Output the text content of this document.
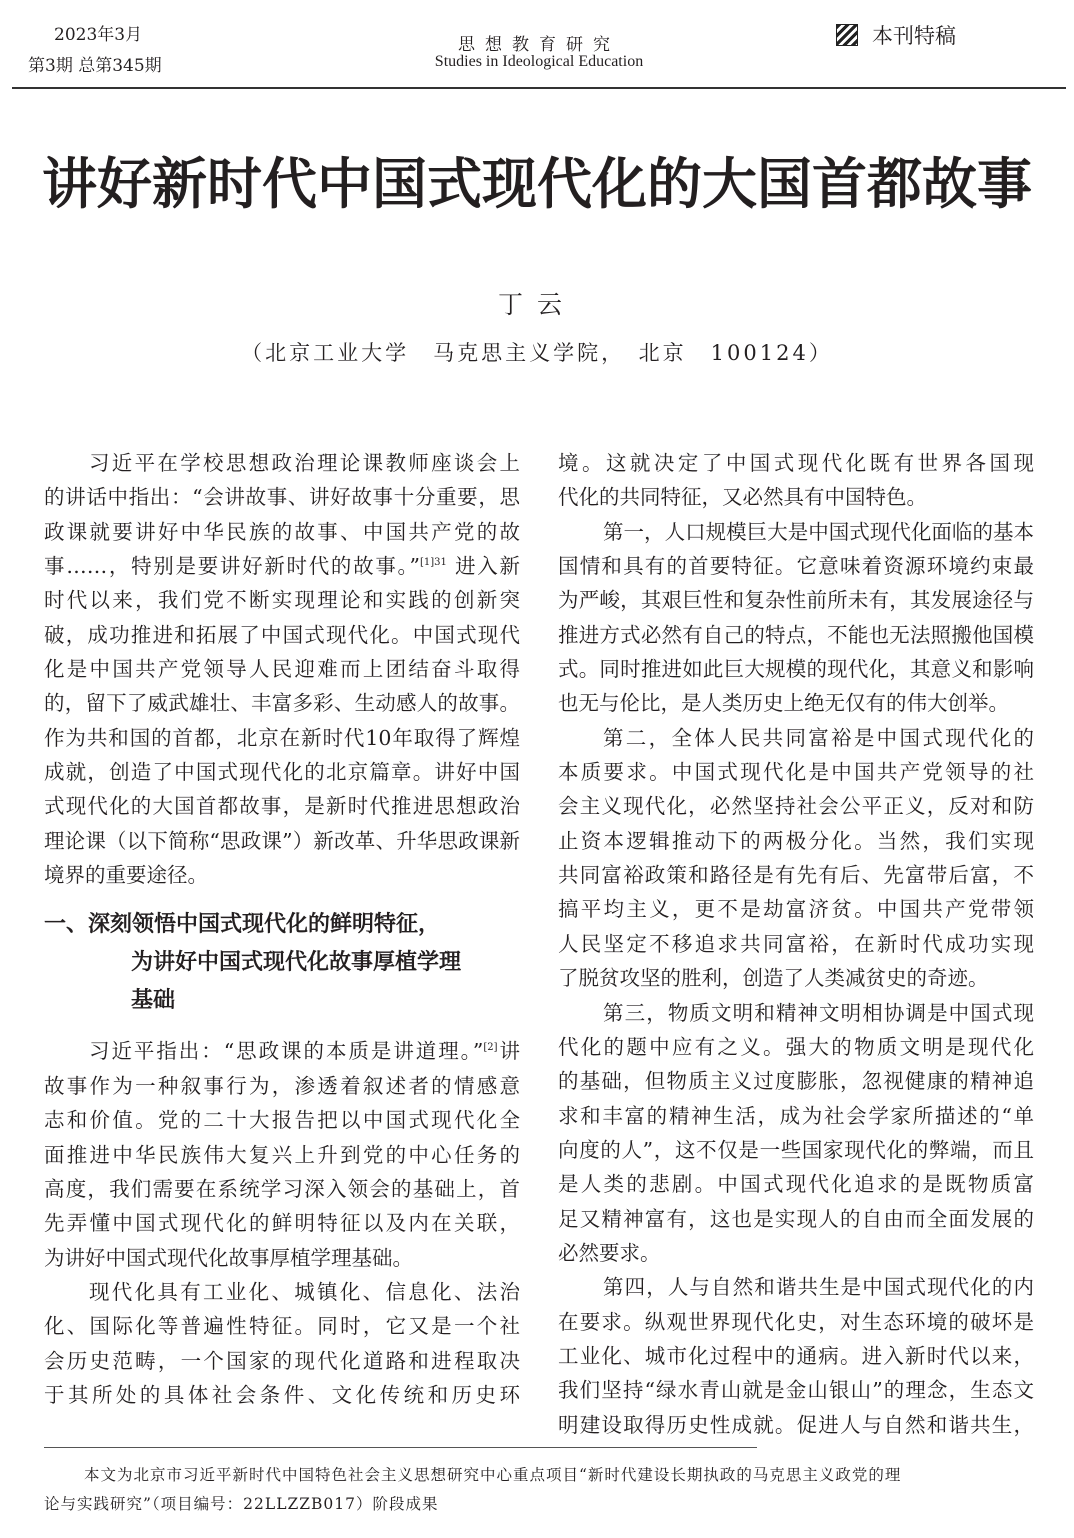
2023年3月
第3期 总第345期
思想教育研究
Studies in Ideological Education
本刊特稿
讲好新时代中国式现代化的大国首都故事
丁云
（北京工业大学　马克思主义学院，　北京　100124）
习近平在学校思想政治理论课教师座谈会上
的讲话中指出：“会讲故事、讲好故事十分重要，思
政课就要讲好中华民族的故事、中国共产党的故
事……，特别是要讲好新时代的故事。”$^{[1]31}$ 进入新
时代以来，我们党不断实现理论和实践的创新突
破，成功推进和拓展了中国式现代化。中国式现代
化是中国共产党领导人民迎难而上团结奋斗取得
的，留下了威武雄壮、丰富多彩、生动感人的故事。
作为共和国的首都，北京在新时代10年取得了辉煌
成就，创造了中国式现代化的北京篇章。讲好中国
式现代化的大国首都故事，是新时代推进思想政治
理论课（以下简称“思政课”）新改革、升华思政课新
境界的重要途径。
一、深刻领悟中国式现代化的鲜明特征，
为讲好中国式现代化故事厚植学理
基础
习近平指出：“思政课的本质是讲道理。”[2]讲
故事作为一种叙事行为，渗透着叙述者的情感意
志和价值。党的二十大报告把以中国式现代化全
面推进中华民族伟大复兴上升到党的中心任务的
高度，我们需要在系统学习深入领会的基础上，首
先弄懂中国式现代化的鲜明特征以及内在关联，
为讲好中国式现代化故事厚植学理基础。
现代化具有工业化、城镇化、信息化、法治
化、国际化等普遍性特征。同时，它又是一个社
会历史范畴，一个国家的现代化道路和进程取决
于其所处的具体社会条件、文化传统和历史环
境。这就决定了中国式现代化既有世界各国现
代化的共同特征，又必然具有中国特色。
第一，人口规模巨大是中国式现代化面临的基本
国情和具有的首要特征。它意味着资源环境约束最
为严峻，其艰巨性和复杂性前所未有，其发展途径与
推进方式必然有自己的特点，不能也无法照搬他国模
式。同时推进如此巨大规模的现代化，其意义和影响
也无与伦比，是人类历史上绝无仅有的伟大创举。
第二，全体人民共同富裕是中国式现代化的
本质要求。中国式现代化是中国共产党领导的社
会主义现代化，必然坚持社会公平正义，反对和防
止资本逻辑推动下的两极分化。当然，我们实现
共同富裕政策和路径是有先有后、先富带后富，不
搞平均主义，更不是劫富济贫。中国共产党带领
人民坚定不移追求共同富裕，在新时代成功实现
了脱贫攻坚的胜利，创造了人类减贫史的奇迹。
第三，物质文明和精神文明相协调是中国式现
代化的题中应有之义。强大的物质文明是现代化
的基础，但物质主义过度膨胀，忽视健康的精神追
求和丰富的精神生活，成为社会学家所描述的“单
向度的人”，这不仅是一些国家现代化的弊端，而且
是人类的悲剧。中国式现代化追求的是既物质富
足又精神富有，这也是实现人的自由而全面发展的
必然要求。
第四，人与自然和谐共生是中国式现代化的内
在要求。纵观世界现代化史，对生态环境的破坏是
工业化、城市化过程中的通病。进入新时代以来，
我们坚持“绿水青山就是金山银山”的理念，生态文
明建设取得历史性成就。促进人与自然和谐共生，
本文为北京市习近平新时代中国特色社会主义思想研究中心重点项目“新时代建设长期执政的马克思主义政党的理
论与实践研究”（项目编号：22LLZZB017）阶段成果
